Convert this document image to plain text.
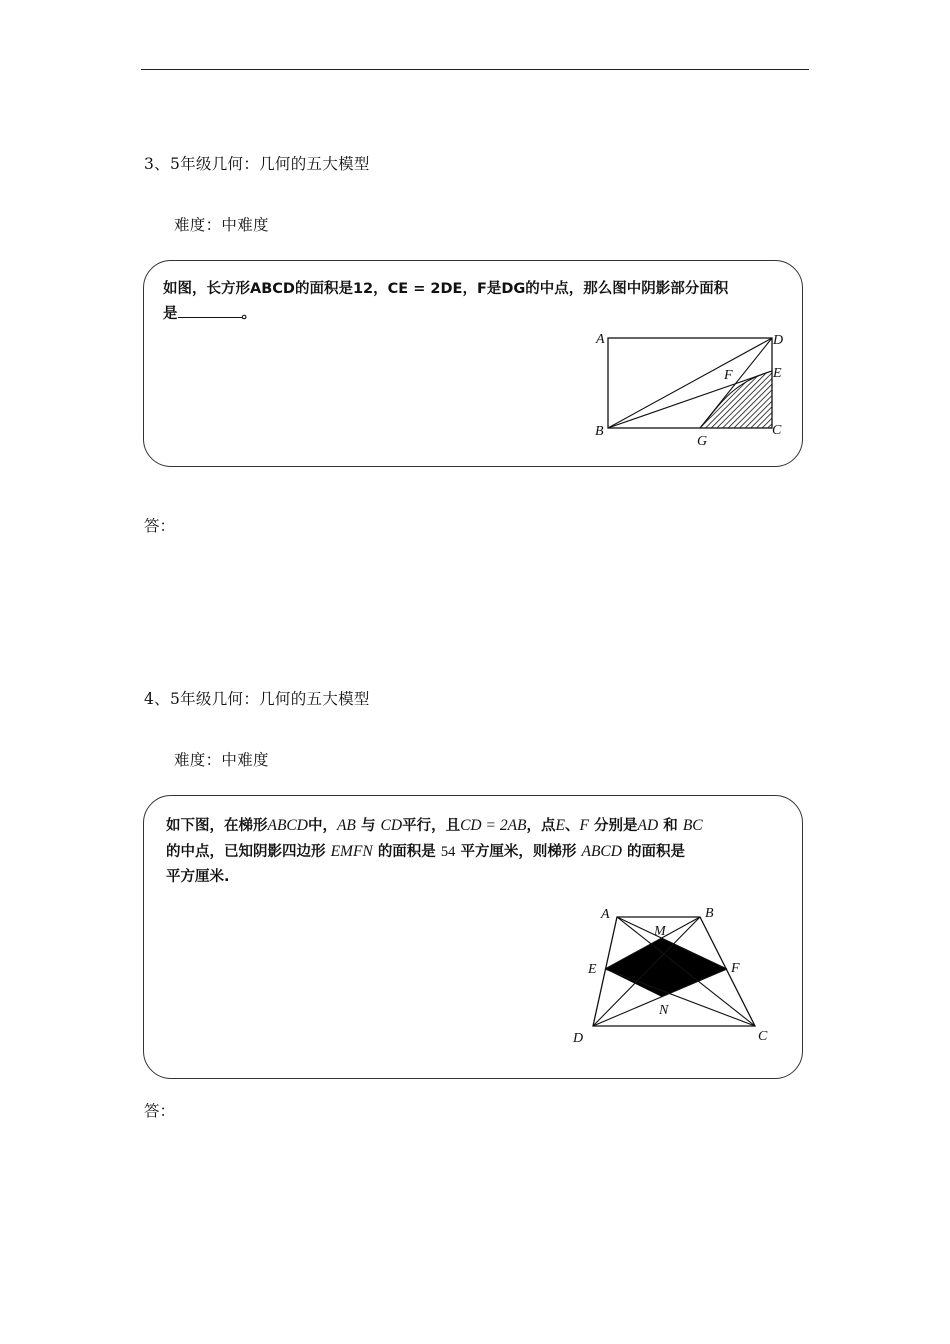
3、5年级几何：几何的五大模型
难度：中难度
如图，长方形ABCD的面积是12，CE = 2DE，F是DG的中点，那么图中阴影部分面积
是	。
A	D
E
F
B
G
C
答：
4、5年级几何：几何的五大模型
难度：中难度
如下图，在梯形ABCD中，AB 与 CD平行，且CD = 2AB，点E、F 分别是AD 和 BC
的中点，已知阴影四边形 EMFN 的面积是 54 平方厘米，则梯形 ABCD 的面积是
平方厘米.
A	B
M
E	F
N
D	C
答：
